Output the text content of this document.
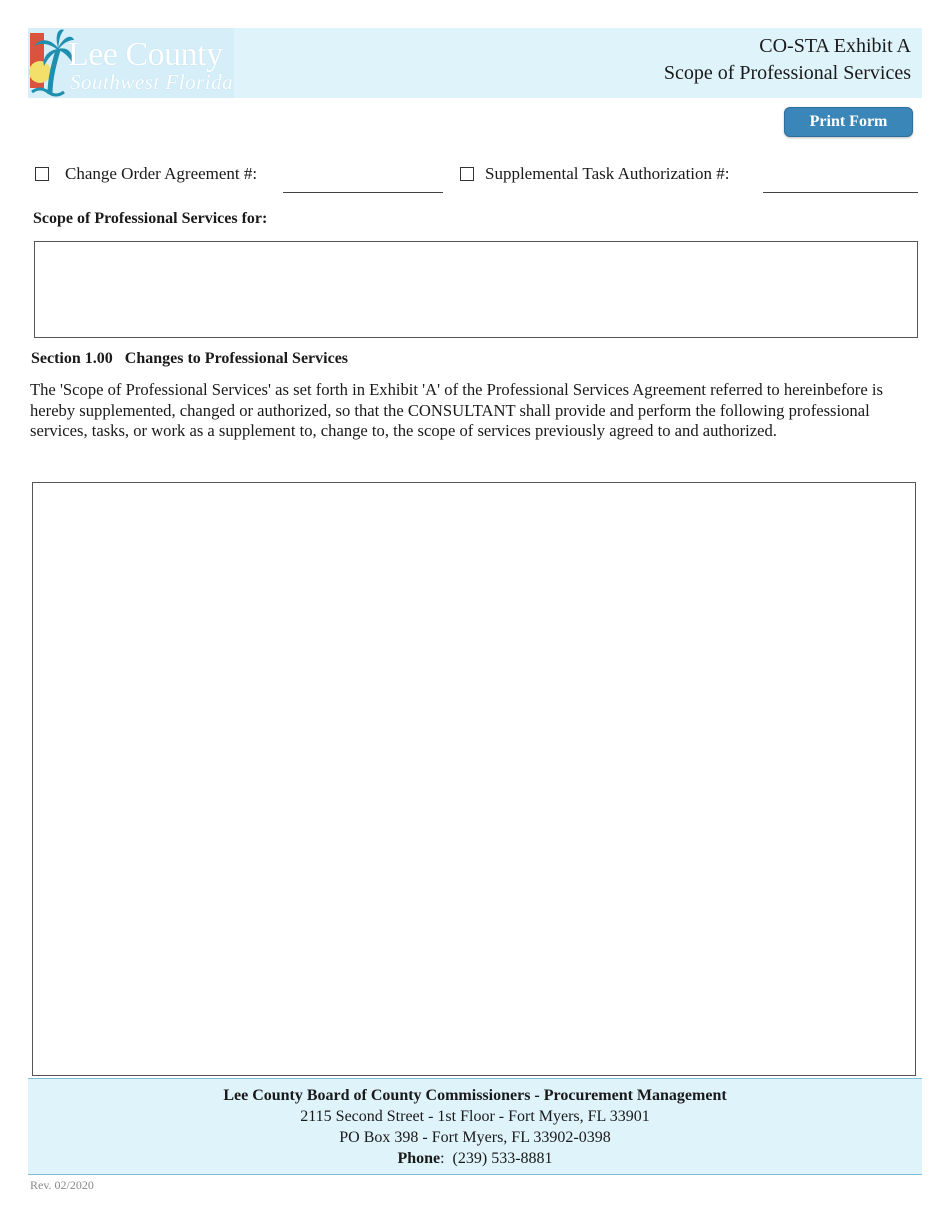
Lee County
Southwest Florida
CO-STA Exhibit A
Scope of Professional Services
Print Form
Change Order Agreement #:	Supplemental Task Authorization #:
Scope of Professional Services for:
Section 1.00 Changes to Professional Services
The 'Scope of Professional Services' as set forth in Exhibit 'A' of the Professional Services Agreement referred to hereinbefore is hereby supplemented, changed or authorized, so that the CONSULTANT shall provide and perform the following professional services, tasks, or work as a supplement to, change to, the scope of services previously agreed to and authorized.
Lee County Board of County Commissioners - Procurement Management
2115 Second Street - 1st Floor - Fort Myers, FL 33901
PO Box 398 - Fort Myers, FL 33902-0398
Phone:  (239) 533-8881
Rev. 02/2020
